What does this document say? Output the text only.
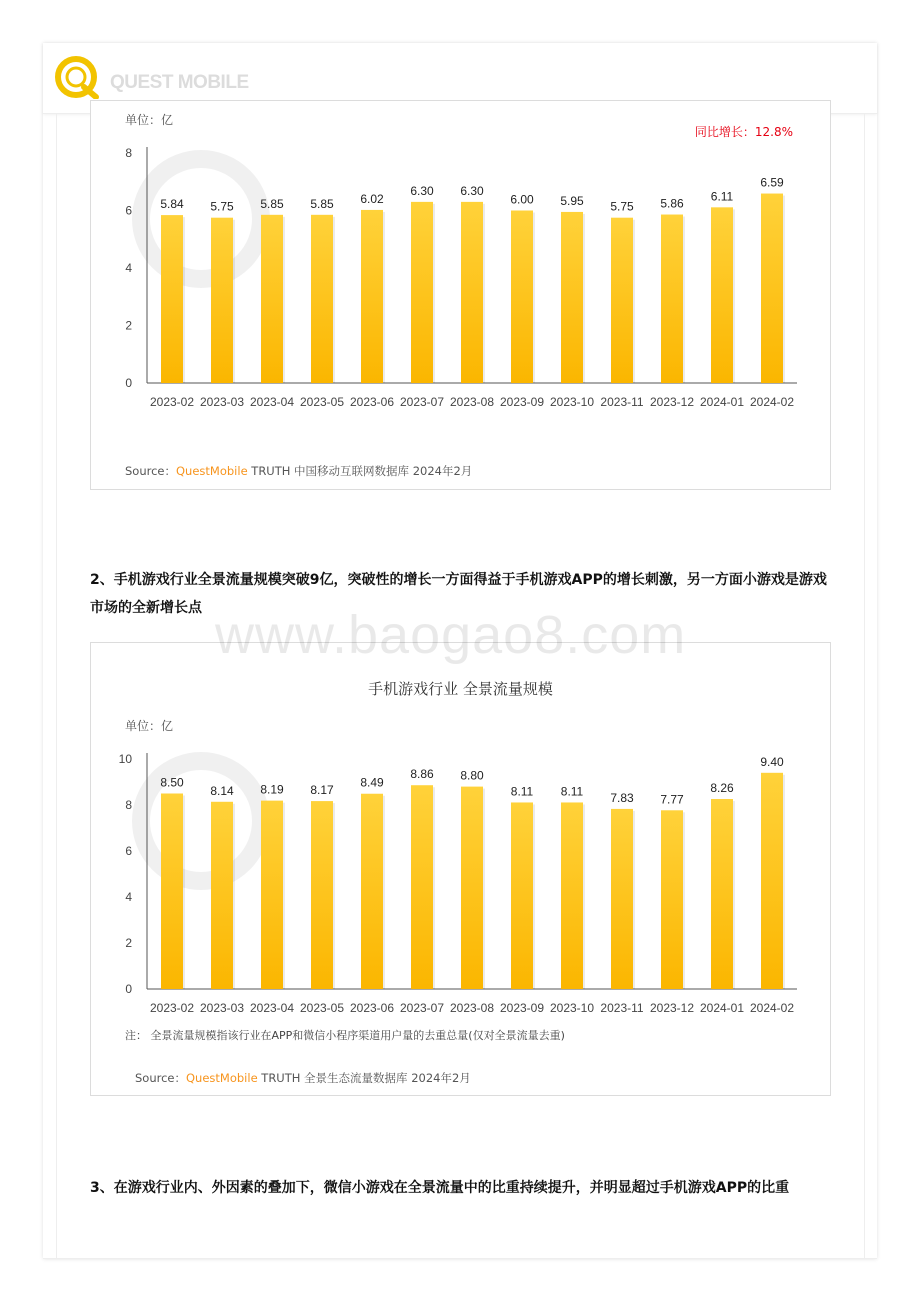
QUEST MOBILE
0
2
4
6
8
5.84
2023-02
5.75
2023-03
5.85
2023-04
5.85
2023-05
6.02
2023-06
6.30
2023-07
6.30
2023-08
6.00
2023-09
5.95
2023-10
5.75
2023-11
5.86
2023-12
6.11
2024-01
6.59
2024-02
单位：亿
同比增长：12.8%
Source：QuestMobile TRUTH 中国移动互联网数据库 2024年2月
2、手机游戏行业全景流量规模突破9亿，突破性的增长一方面得益于手机游戏APP的增长刺激，另一方面小游戏是游戏市场的全新增长点
0
2
4
6
8
10
8.50
2023-02
8.14
2023-03
8.19
2023-04
8.17
2023-05
8.49
2023-06
8.86
2023-07
8.80
2023-08
8.11
2023-09
8.11
2023-10
7.83
2023-11
7.77
2023-12
8.26
2024-01
9.40
2024-02
手机游戏行业 全景流量规模
单位：亿
注： 全景流量规模指该行业在APP和微信小程序渠道用户量的去重总量(仅对全景流量去重)
Source：QuestMobile TRUTH 全景生态流量数据库 2024年2月
3、在游戏行业内、外因素的叠加下，微信小游戏在全景流量中的比重持续提升，并明显超过手机游戏APP的比重
